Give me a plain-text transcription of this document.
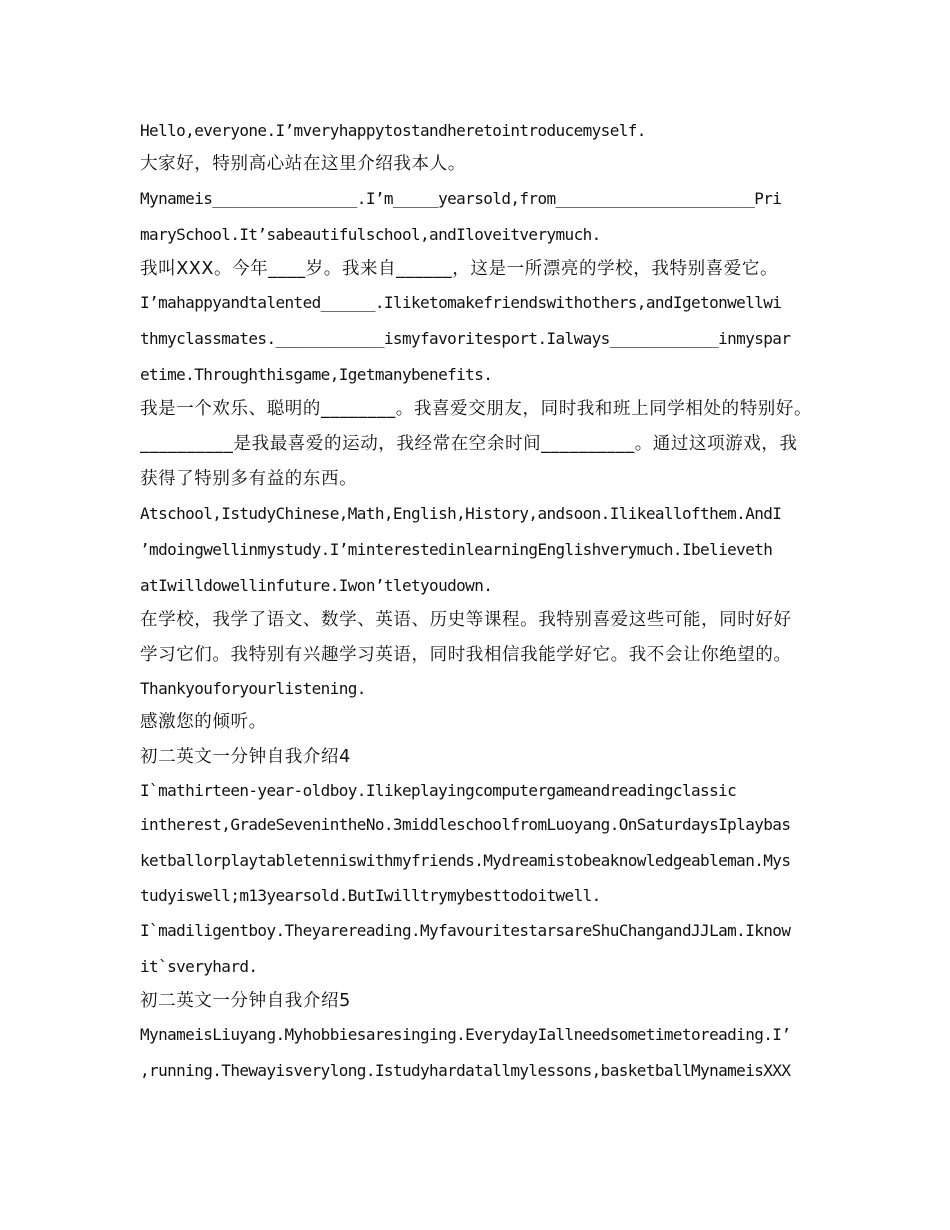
Hello,everyone.I’mveryhappytostandheretointroducemyself.
大家好，特别高心站在这里介绍我本人。
Mynameis________________.I’m_____yearsold,from______________________Pri
marySchool.It’sabeautifulschool,andIloveitverymuch.
我叫XXX。今年____岁。我来自______，这是一所漂亮的学校，我特别喜爱它。
I’mahappyandtalented______.Iliketomakefriendswithothers,andIgetonwellwi
thmyclassmates.____________ismyfavoritesport.Ialways____________inmyspar
etime.Throughthisgame,Igetmanybenefits.
我是一个欢乐、聪明的________。我喜爱交朋友，同时我和班上同学相处的特别好。
__________是我最喜爱的运动，我经常在空余时间__________。通过这项游戏，我
获得了特别多有益的东西。
Atschool,IstudyChinese,Math,English,History,andsoon.Ilikeallofthem.AndI
’mdoingwellinmystudy.I’minterestedinlearningEnglishverymuch.Ibelieveth
atIwilldowellinfuture.Iwon’tletyoudown.
在学校，我学了语文、数学、英语、历史等课程。我特别喜爱这些可能，同时好好
学习它们。我特别有兴趣学习英语，同时我相信我能学好它。我不会让你绝望的。
Thankyouforyourlistening.
感激您的倾听。
初二英文一分钟自我介绍4
I`mathirteen-year-oldboy.Ilikeplayingcomputergameandreadingclassic
intherest,GradeSevenintheNo.3middleschoolfromLuoyang.OnSaturdaysIplaybas
ketballorplaytabletenniswithmyfriends.Mydreamistobeaknowledgeableman.Mys
tudyiswell;m13yearsold.ButIwilltrymybesttodoitwell.
I`madiligentboy.Theyarereading.MyfavouritestarsareShuChangandJJLam.Iknow
it`sveryhard.
初二英文一分钟自我介绍5
MynameisLiuyang.Myhobbiesaresinging.EverydayIallneedsometimetoreading.I’
,running.Thewayisverylong.Istudyhardatallmylessons,basketballMynameisXXX
